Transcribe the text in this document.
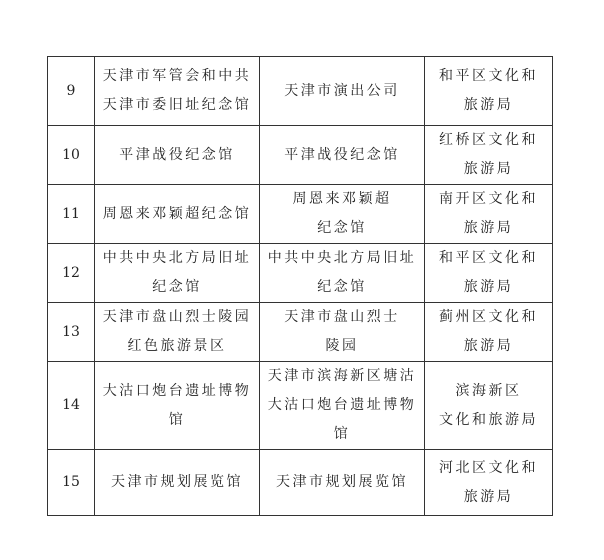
9	天津市军管会和中共
天津市委旧址纪念馆	天津市演出公司	和平区文化和
旅游局
10	平津战役纪念馆	平津战役纪念馆	红桥区文化和
旅游局
11	周恩来邓颖超纪念馆	周恩来邓颖超
纪念馆	南开区文化和
旅游局
12	中共中央北方局旧址
纪念馆	中共中央北方局旧址
纪念馆	和平区文化和
旅游局
13	天津市盘山烈士陵园
红色旅游景区	天津市盘山烈士
陵园	蓟州区文化和
旅游局
14	大沽口炮台遗址博物
馆	天津市滨海新区塘沽
大沽口炮台遗址博物
馆	滨海新区
文化和旅游局
15	天津市规划展览馆	天津市规划展览馆	河北区文化和
旅游局
